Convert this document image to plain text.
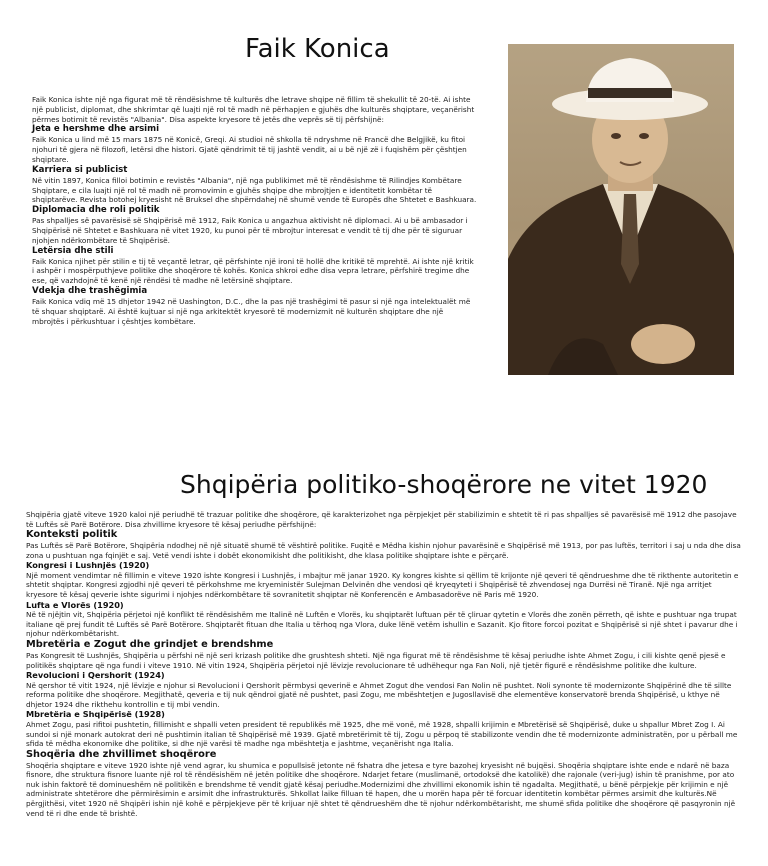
Faik Konica

Faik Konica ishte një nga figurat më të rëndësishme të kulturës dhe letrave shqipe në fillim të shekullit të 20-të. Ai ishte një publicist, diplomat, dhe shkrimtar që luajti një rol të madh në përhapjen e gjuhës dhe kulturës shqiptare, veçanërisht përmes botimit të revistës "Albania". Disa aspekte kryesore të jetës dhe veprës së tij përfshijnë:

Jeta e hershme dhe arsimi

Faik Konica u lind më 15 mars 1875 në Konicë, Greqi. Ai studioi në shkolla të ndryshme në Francë dhe Belgjikë, ku fitoi njohuri të gjera në filozofi, letërsi dhe histori. Gjatë qëndrimit të tij jashtë vendit, ai u bë një zë i fuqishëm për çështjen shqiptare.

Karriera si publicist

Në vitin 1897, Konica filloi botimin e revistës "Albania", një nga publikimet më të rëndësishme të Rilindjes Kombëtare Shqiptare, e cila luajti një rol të madh në promovimin e gjuhës shqipe dhe mbrojtjen e identitetit kombëtar të shqiptarëve. Revista botohej kryesisht në Bruksel dhe shpërndahej në shumë vende të Europës dhe Shtetet e Bashkuara.

Diplomacia dhe roli politik

Pas shpalljes së pavarësisë së Shqipërisë më 1912, Faik Konica u angazhua aktivisht në diplomaci. Ai u bë ambasador i Shqipërisë në Shtetet e Bashkuara në vitet 1920, ku punoi për të mbrojtur interesat e vendit të tij dhe për të siguruar njohjen ndërkombëtare të Shqipërisë.

Letërsia dhe stili

Faik Konica njihet për stilin e tij të veçantë letrar, që përfshinte një ironi të hollë dhe kritikë të mprehtë. Ai ishte një kritik i ashpër i mospërputhjeve politike dhe shoqërore të kohës. Konica shkroi edhe disa vepra letrare, përfshirë tregime dhe ese, që vazhdojnë të kenë një rëndësi të madhe në letërsinë shqiptare.

Vdekja dhe trashëgimia

Faik Konica vdiq më 15 dhjetor 1942 në Uashington, D.C., dhe la pas një trashëgimi të pasur si një nga intelektualët më të shquar shqiptarë. Ai është kujtuar si një nga arkitektët kryesorë të modernizmit në kulturën shqiptare dhe një mbrojtës i përkushtuar i çështjes kombëtare.

Shqipëria politiko-shoqërore ne vitet 1920

Shqipëria gjatë viteve 1920 kaloi një periudhë të trazuar politike dhe shoqërore, që karakterizohet nga përpjekjet për stabilizimin e shtetit të ri pas shpalljes së pavarësisë më 1912 dhe pasojave të Luftës së Parë Botërore. Disa zhvillime kryesore të kësaj periudhe përfshijnë:

Konteksti politik

Pas Luftës së Parë Botërore, Shqipëria ndodhej në një situatë shumë të vështirë politike. Fuqitë e Mëdha kishin njohur pavarësinë e Shqipërisë më 1913, por pas luftës, territori i saj u nda dhe disa zona u pushtuan nga fqinjët e saj. Vetë vendi ishte i dobët ekonomikisht dhe politikisht, dhe klasa politike shqiptare ishte e përçarë.

Kongresi i Lushnjës (1920)

Një moment vendimtar në fillimin e viteve 1920 ishte Kongresi i Lushnjës, i mbajtur më janar 1920. Ky kongres kishte si qëllim të krijonte një qeveri të qëndrueshme dhe të rikthente autoritetin e shtetit shqiptar. Kongresi zgjodhi një qeveri të përkohshme me kryeministër Sulejman Delvinën dhe vendosi që kryeqyteti i Shqipërisë të zhvendosej nga Durrësi në Tiranë. Një nga arritjet kryesore të kësaj qeverie ishte sigurimi i njohjes ndërkombëtare të sovranitetit shqiptar në Konferencën e Ambasadorëve në Paris më 1920.

Lufta e Vlorës (1920)

Në të njëjtin vit, Shqipëria përjetoi një konflikt të rëndësishëm me Italinë në Luftën e Vlorës, ku shqiptarët luftuan për të çliruar qytetin e Vlorës dhe zonën përreth, që ishte e pushtuar nga trupat italiane që prej fundit të Luftës së Parë Botërore. Shqiptarët fituan dhe Italia u tërhoq nga Vlora, duke lënë vetëm ishullin e Sazanit. Kjo fitore forcoi pozitat e Shqipërisë si një shtet i pavarur dhe i njohur ndërkombëtarisht.

Mbretëria e Zogut dhe grindjet e brendshme

Pas Kongresit të Lushnjës, Shqipëria u përfshi në një seri krizash politike dhe grushtesh shteti. Një nga figurat më të rëndësishme të kësaj periudhe ishte Ahmet Zogu, i cili kishte qenë pjesë e politikës shqiptare që nga fundi i viteve 1910. Në vitin 1924, Shqipëria përjetoi një lëvizje revolucionare të udhëhequr nga Fan Noli, një tjetër figurë e rëndësishme politike dhe kulture.

Revolucioni i Qershorit (1924)

Në qershor të vitit 1924, një lëvizje e njohur si Revolucioni i Qershorit përmbysi qeverinë e Ahmet Zogut dhe vendosi Fan Nolin në pushtet. Noli synonte të modernizonte Shqipërinë dhe të sillte reforma politike dhe shoqërore. Megjithatë, qeveria e tij nuk qëndroi gjatë në pushtet, pasi Zogu, me mbështetjen e Jugosllavisë dhe elementëve konservatorë brenda Shqipërisë, u kthye në dhjetor 1924 dhe rikthehu kontrollin e tij mbi vendin.

Mbretëria e Shqipërisë (1928)

Ahmet Zogu, pasi rifitoi pushtetin, fillimisht e shpalli veten president të republikës më 1925, dhe më vonë, më 1928, shpalli krijimin e Mbretërisë së Shqipërisë, duke u shpallur Mbret Zog I. Ai sundoi si një monark autokrat deri në pushtimin italian të Shqipërisë më 1939. Gjatë mbretërimit të tij, Zogu u përpoq të stabilizonte vendin dhe të modernizonte administratën, por u përball me sfida të mëdha ekonomike dhe politike, si dhe një varësi të madhe nga mbështetja e jashtme, veçanërisht nga Italia.

Shoqëria dhe zhvillimet shoqërore

Shoqëria shqiptare e viteve 1920 ishte një vend agrar, ku shumica e popullsisë jetonte në fshatra dhe jetesa e tyre bazohej kryesisht në bujqësi. Shoqëria shqiptare ishte ende e ndarë në baza fisnore, dhe struktura fisnore luante një rol të rëndësishëm në jetën politike dhe shoqërore. Ndarjet fetare (muslimanë, ortodoksë dhe katolikë) dhe rajonale (veri-jug) ishin të pranishme, por ato nuk ishin faktorë të dominueshëm në politikën e brendshme të vendit gjatë kësaj periudhe.Modernizimi dhe zhvillimi ekonomik ishin të ngadalta. Megjithatë, u bënë përpjekje për krijimin e një administrate shtetërore dhe përmirësimin e arsimit dhe infrastrukturës. Shkollat laike filluan të hapen, dhe u morën hapa për të forcuar identitetin kombëtar përmes arsimit dhe kulturës.Në përgjithësi, vitet 1920 në Shqipëri ishin një kohë e përpjekjeve për të krijuar një shtet të qëndrueshëm dhe të njohur ndërkombëtarisht, me shumë sfida politike dhe shoqërore që pasqyronin një vend të ri dhe ende të brishtë.
